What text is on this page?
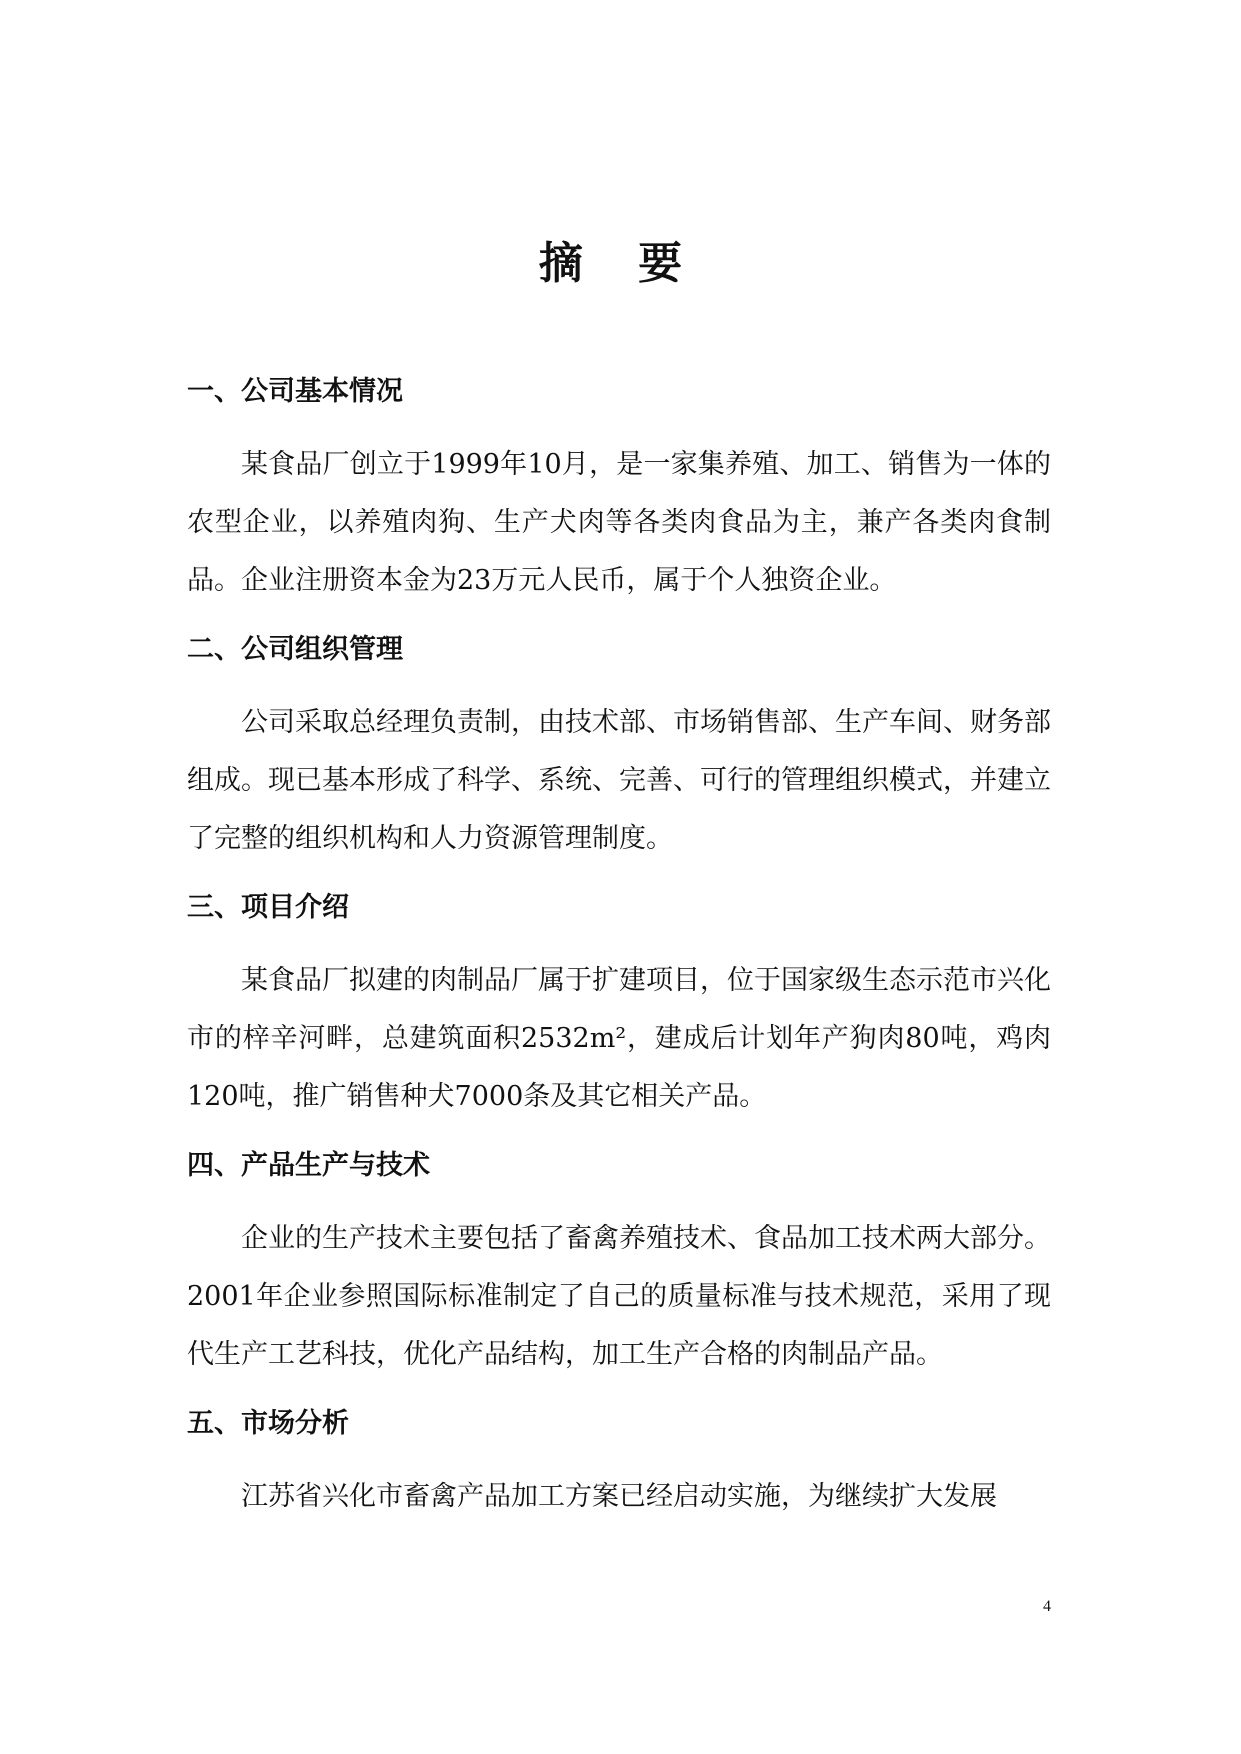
摘 要
一、公司基本情况

某食品厂创立于1999年10月，是一家集养殖、加工、销售为一体的农型企业，以养殖肉狗、生产犬肉等各类肉食品为主，兼产各类肉食制品。企业注册资本金为23万元人民币，属于个人独资企业。

二、公司组织管理

公司采取总经理负责制，由技术部、市场销售部、生产车间、财务部组成。现已基本形成了科学、系统、完善、可行的管理组织模式，并建立了完整的组织机构和人力资源管理制度。

三、项目介绍

某食品厂拟建的肉制品厂属于扩建项目，位于国家级生态示范市兴化市的梓辛河畔，总建筑面积2532m²，建成后计划年产狗肉80吨，鸡肉120吨，推广销售种犬7000条及其它相关产品。

四、产品生产与技术

企业的生产技术主要包括了畜禽养殖技术、食品加工技术两大部分。2001年企业参照国际标准制定了自己的质量标准与技术规范，采用了现代生产工艺科技，优化产品结构，加工生产合格的肉制品产品。

五、市场分析

江苏省兴化市畜禽产品加工方案已经启动实施，为继续扩大发展

4
